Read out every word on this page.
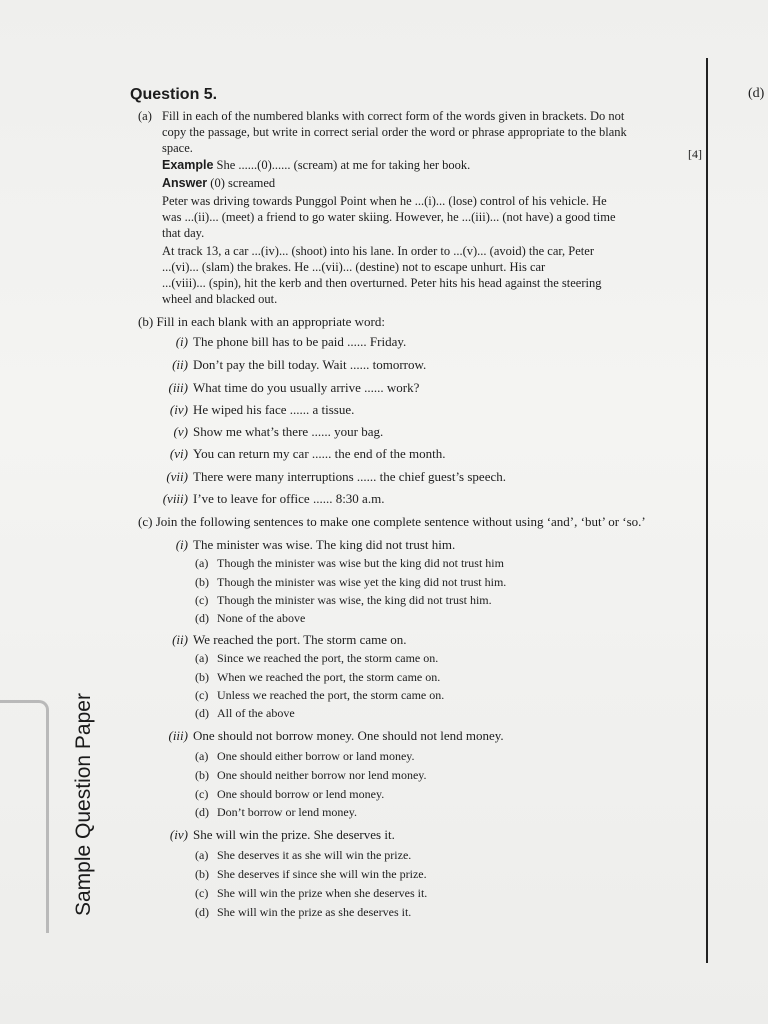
( d )
Sample Question Paper
Question 5.
(a) Fill in each of the numbered blanks with correct form of the words given in brackets. Do not
copy the passage, but write in correct serial order the word or phrase appropriate to the blank
space.
[	4 ]
Example She ......(0)...... (scream) at me for taking her book.
Answer (0) screamed
Peter was driving towards Punggol Point when he ...(i)... (lose) control of his vehicle. He
was ...(ii)... (meet) a friend to go water skiing. However, he ...(iii)... (not have) a good time
that day.
At track 13, a car ...(iv)... (shoot) into his lane. In order to ...(v)... (avoid) the car, Peter
...(vi)... (slam) the brakes. He ...(vii)... (destine) not to escape unhurt. His car
...(viii)... (spin), hit the kerb and then overturned. Peter hits his head against the steering
wheel and blacked out.
( b ) Fill in each blank with an appropriate word:
( i ) The phone bill has to be paid ...... Friday.
( ii ) Don’t pay the bill today. Wait ...... tomorrow.
( iii ) What time do you usually arrive ...... work?
( iv ) He wiped his face ...... a tissue.
( v ) Show me what’s there ...... your bag.
( vi ) You can return my car ...... the end of the month.
( vii ) There were many interruptions ...... the chief guest’s speech.
( viii ) I’ve to leave for office ...... 8:30 a.m.
( c ) Join the following sentences to make one complete sentence without using ‘and’, ‘but’ or ‘so.’
( i ) The minister was wise. The king did not trust him.
( a ) Though the minister was wise but the king did not trust him
( b ) Though the minister was wise yet the king did not trust him.
( c ) Though the minister was wise, the king did not trust him.
( d ) None of the above
( ii ) We reached the port. The storm came on.
( a ) Since we reached the port, the storm came on.
( b ) When we reached the port, the storm came on.
( c ) Unless we reached the port, the storm came on.
( d ) All of the above
( iii ) One should not borrow money. One should not lend money.
( a ) One should either borrow or land money.
( b ) One should neither borrow nor lend money.
( c ) One should borrow or lend money.
( d ) Don’t borrow or lend money.
( iv ) She will win the prize. She deserves it.
( a ) She deserves it as she will win the prize.
( b ) She deserves if since she will win the prize.
( c ) She will win the prize when she deserves it.
( d ) She will win the prize as she deserves it.
